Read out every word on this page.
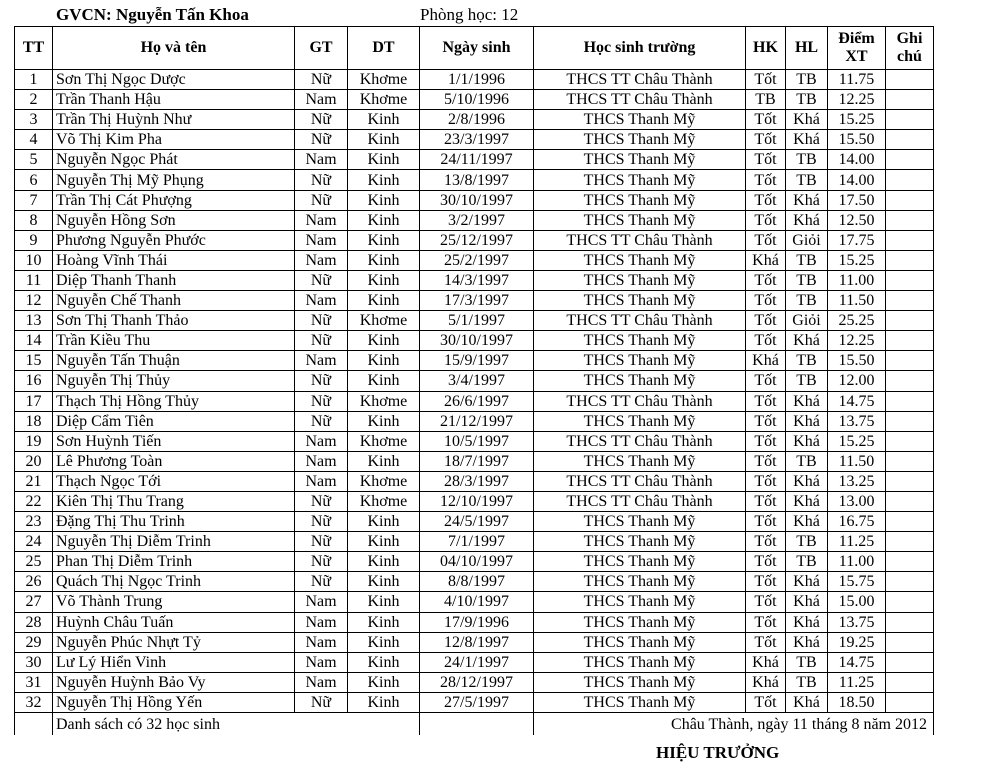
GVCN: Nguyễn Tấn Khoa	Phòng học: 12
TT	Họ và tên	GT	DT	Ngày sinh	Học sinh trường	HK	HL	Điểm XT	Ghi chú
1	Sơn Thị Ngọc Dược	Nữ	Khơme	1/1/1996	THCS TT Châu Thành	Tốt	TB	11.75	
2	Trần Thanh Hậu	Nam	Khơme	5/10/1996	THCS TT Châu Thành	TB	TB	12.25	
3	Trần Thị Huỳnh Như	Nữ	Kinh	2/8/1996	THCS Thanh Mỹ	Tốt	Khá	15.25	
4	Võ Thị Kim Pha	Nữ	Kinh	23/3/1997	THCS Thanh Mỹ	Tốt	Khá	15.50	
5	Nguyễn Ngọc Phát	Nam	Kinh	24/11/1997	THCS Thanh Mỹ	Tốt	TB	14.00	
6	Nguyễn Thị Mỹ Phụng	Nữ	Kinh	13/8/1997	THCS Thanh Mỹ	Tốt	TB	14.00	
7	Trần Thị Cát Phượng	Nữ	Kinh	30/10/1997	THCS Thanh Mỹ	Tốt	Khá	17.50	
8	Nguyễn Hồng Sơn	Nam	Kinh	3/2/1997	THCS Thanh Mỹ	Tốt	Khá	12.50	
9	Phương Nguyễn Phước	Nam	Kinh	25/12/1997	THCS TT Châu Thành	Tốt	Giỏi	17.75	
10	Hoàng Vĩnh Thái	Nam	Kinh	25/2/1997	THCS Thanh Mỹ	Khá	TB	15.25	
11	Diệp Thanh Thanh	Nữ	Kinh	14/3/1997	THCS Thanh Mỹ	Tốt	TB	11.00	
12	Nguyễn Chế Thanh	Nam	Kinh	17/3/1997	THCS Thanh Mỹ	Tốt	TB	11.50	
13	Sơn Thị Thanh Thảo	Nữ	Khơme	5/1/1997	THCS TT Châu Thành	Tốt	Giỏi	25.25	
14	Trần Kiều Thu	Nữ	Kinh	30/10/1997	THCS Thanh Mỹ	Tốt	Khá	12.25	
15	Nguyễn Tấn Thuận	Nam	Kinh	15/9/1997	THCS Thanh Mỹ	Khá	TB	15.50	
16	Nguyễn Thị Thủy	Nữ	Kinh	3/4/1997	THCS Thanh Mỹ	Tốt	TB	12.00	
17	Thạch Thị Hồng Thủy	Nữ	Khơme	26/6/1997	THCS TT Châu Thành	Tốt	Khá	14.75	
18	Diệp Cẩm Tiên	Nữ	Kinh	21/12/1997	THCS Thanh Mỹ	Tốt	Khá	13.75	
19	Sơn Huỳnh Tiến	Nam	Khơme	10/5/1997	THCS TT Châu Thành	Tốt	Khá	15.25	
20	Lê Phương Toàn	Nam	Kinh	18/7/1997	THCS Thanh Mỹ	Tốt	TB	11.50	
21	Thạch Ngọc Tới	Nam	Khơme	28/3/1997	THCS TT Châu Thành	Tốt	Khá	13.25	
22	Kiên Thị Thu Trang	Nữ	Khơme	12/10/1997	THCS TT Châu Thành	Tốt	Khá	13.00	
23	Đặng Thị Thu Trinh	Nữ	Kinh	24/5/1997	THCS Thanh Mỹ	Tốt	Khá	16.75	
24	Nguyễn Thị Diễm Trinh	Nữ	Kinh	7/1/1997	THCS Thanh Mỹ	Tốt	TB	11.25	
25	Phan Thị Diễm Trinh	Nữ	Kinh	04/10/1997	THCS Thanh Mỹ	Tốt	TB	11.00	
26	Quách Thị Ngọc Trinh	Nữ	Kinh	8/8/1997	THCS Thanh Mỹ	Tốt	Khá	15.75	
27	Võ Thành Trung	Nam	Kinh	4/10/1997	THCS Thanh Mỹ	Tốt	Khá	15.00	
28	Huỳnh Châu Tuấn	Nam	Kinh	17/9/1996	THCS Thanh Mỹ	Tốt	Khá	13.75	
29	Nguyễn Phúc Nhựt Tỷ	Nam	Kinh	12/8/1997	THCS Thanh Mỹ	Tốt	Khá	19.25	
30	Lư Lý Hiển Vinh	Nam	Kinh	24/1/1997	THCS Thanh Mỹ	Khá	TB	14.75	
31	Nguyễn Huỳnh Bảo Vy	Nam	Kinh	28/12/1997	THCS Thanh Mỹ	Khá	TB	11.25	
32	Nguyễn Thị Hồng Yến	Nữ	Kinh	27/5/1997	THCS Thanh Mỹ	Tốt	Khá	18.50	
	Danh sách có 32 học sinh				Châu Thành, ngày 11 tháng 8 năm 2012				
HIỆU TRƯỞNG
